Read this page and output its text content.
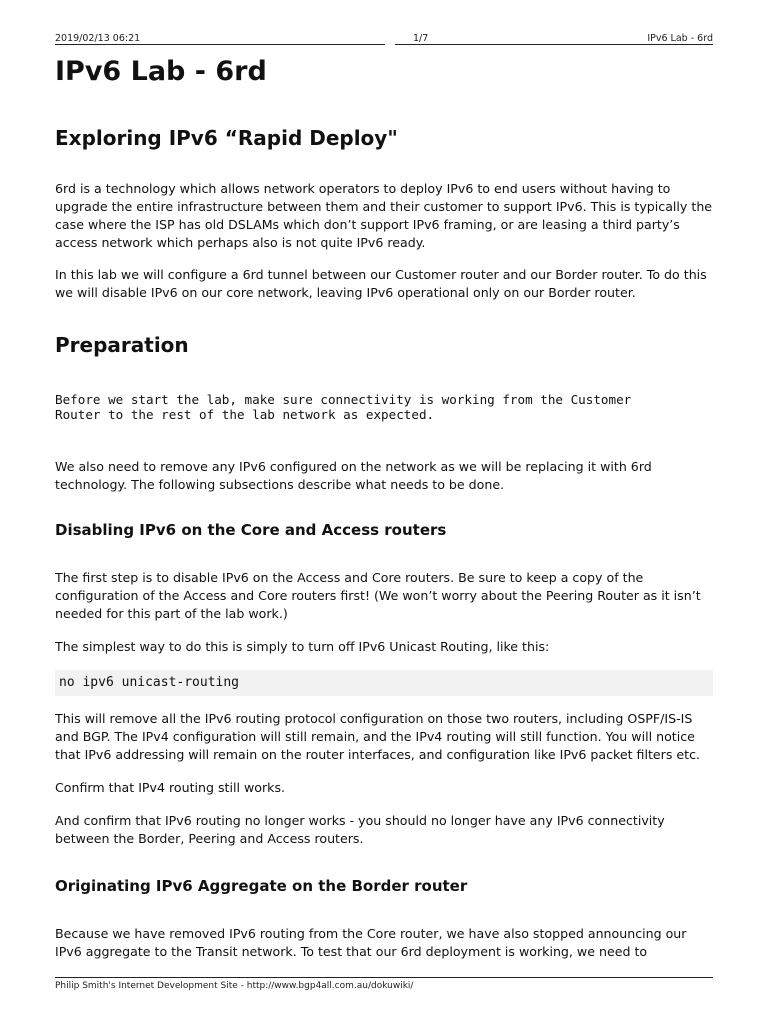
2019/02/13 06:21	1/7	IPv6 Lab - 6rd
IPv6 Lab - 6rd
Exploring IPv6 “Rapid Deploy"

6rd is a technology which allows network operators to deploy IPv6 to end users without having to upgrade the entire infrastructure between them and their customer to support IPv6. This is typically the case where the ISP has old DSLAMs which don’t support IPv6 framing, or are leasing a third party’s access network which perhaps also is not quite IPv6 ready.

In this lab we will configure a 6rd tunnel between our Customer router and our Border router. To do this we will disable IPv6 on our core network, leaving IPv6 operational only on our Border router.

Preparation
Before we start the lab, make sure connectivity is working from the Customer
Router to the rest of the lab network as expected.

We also need to remove any IPv6 configured on the network as we will be replacing it with 6rd technology. The following subsections describe what needs to be done.

Disabling IPv6 on the Core and Access routers

The first step is to disable IPv6 on the Access and Core routers. Be sure to keep a copy of the configuration of the Access and Core routers first! (We won’t worry about the Peering Router as it isn’t needed for this part of the lab work.)

The simplest way to do this is simply to turn off IPv6 Unicast Routing, like this:

no ipv6 unicast-routing

This will remove all the IPv6 routing protocol configuration on those two routers, including OSPF/IS-IS and BGP. The IPv4 configuration will still remain, and the IPv4 routing will still function. You will notice that IPv6 addressing will remain on the router interfaces, and configuration like IPv6 packet filters etc.

Confirm that IPv4 routing still works.

And confirm that IPv6 routing no longer works - you should no longer have any IPv6 connectivity between the Border, Peering and Access routers.

Originating IPv6 Aggregate on the Border router

Because we have removed IPv6 routing from the Core router, we have also stopped announcing our IPv6 aggregate to the Transit network. To test that our 6rd deployment is working, we need to

Philip Smith's Internet Development Site - http://www.bgp4all.com.au/dokuwiki/
